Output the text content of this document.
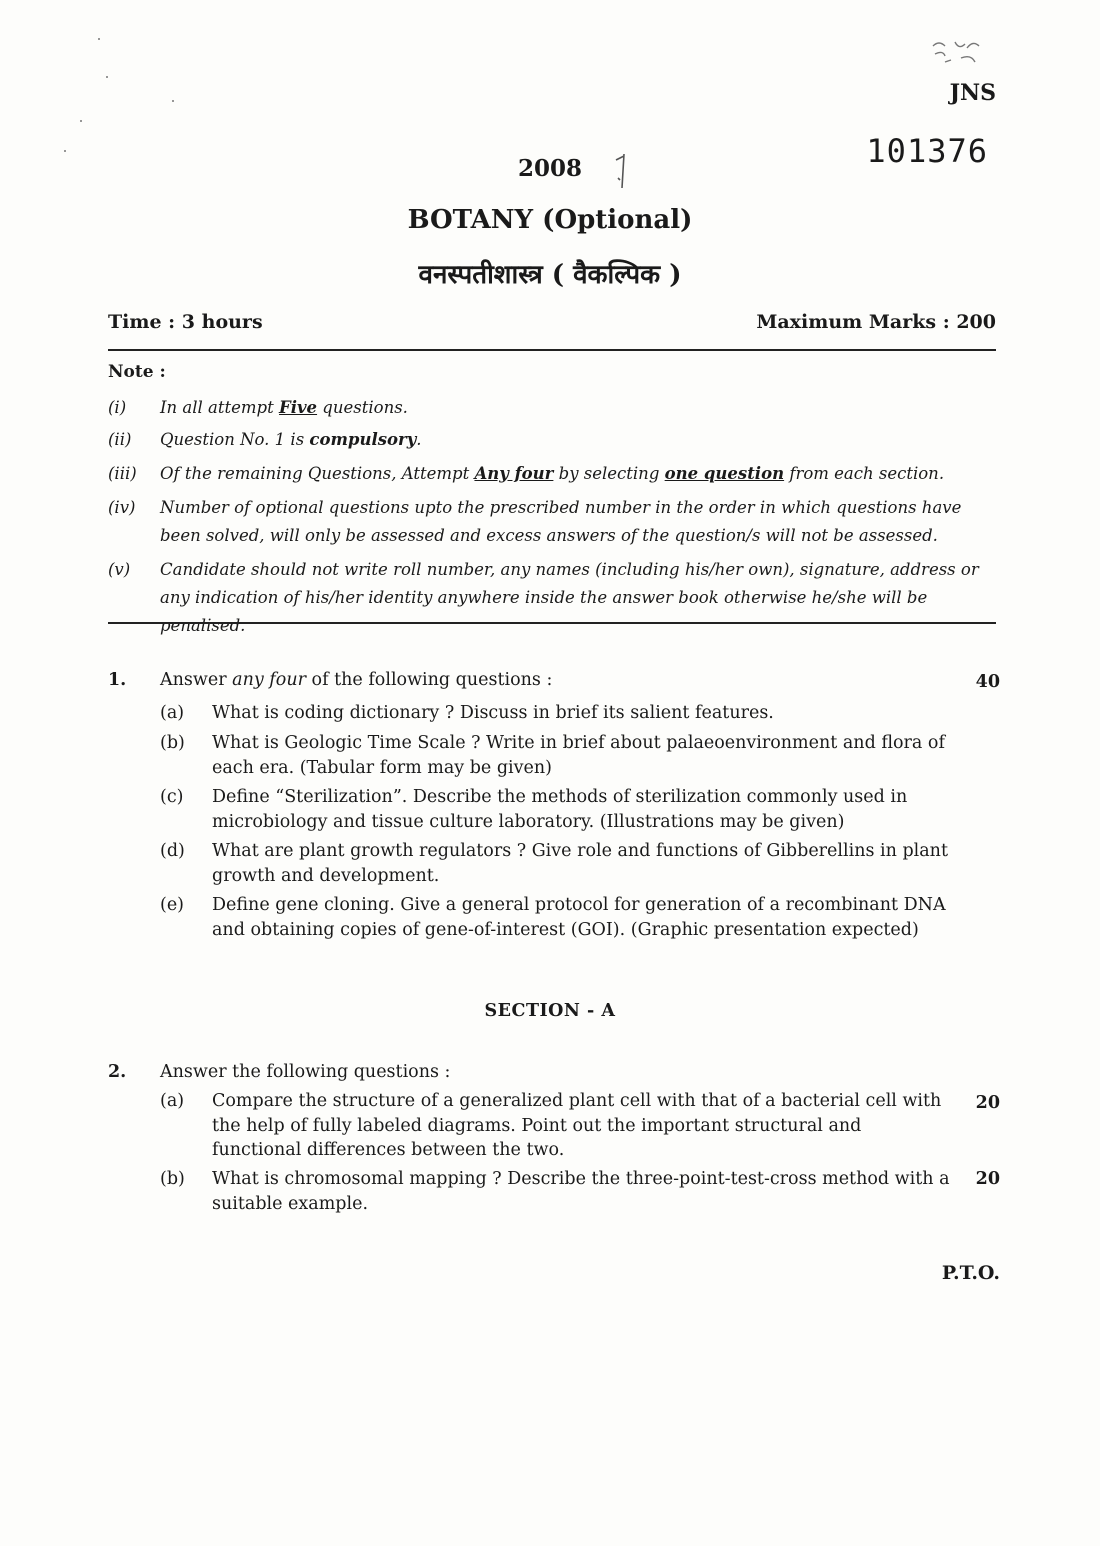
JNS
101376
2008
BOTANY (Optional)
वनस्पतीशास्त्र ( वैकल्पिक )
Time : 3 hours	Maximum Marks : 200
Note :
(i) In all attempt Five questions.
(ii) Question No. 1 is compulsory.
(iii) Of the remaining Questions, Attempt Any four by selecting one question from each section.
(iv) Number of optional questions upto the prescribed number in the order in which questions have been solved, will only be assessed and excess answers of the question/s will not be assessed.
(v) Candidate should not write roll number, any names (including his/her own), signature, address or any indication of his/her identity anywhere inside the answer book otherwise he/she will be penalised.
1. Answer any four of the following questions :	40
(a) What is coding dictionary ? Discuss in brief its salient features.
(b) What is Geologic Time Scale ? Write in brief about palaeoenvironment and flora of each era. (Tabular form may be given)
(c) Define “Sterilization”. Describe the methods of sterilization commonly used in microbiology and tissue culture laboratory. (Illustrations may be given)
(d) What are plant growth regulators ? Give role and functions of Gibberellins in plant growth and development.
(e) Define gene cloning. Give a general protocol for generation of a recombinant DNA and obtaining copies of gene-of-interest (GOI). (Graphic presentation expected)
SECTION - A
2. Answer the following questions :
(a) Compare the structure of a generalized plant cell with that of a bacterial cell with the help of fully labeled diagrams. Point out the important structural and functional differences between the two.
20
(b) What is chromosomal mapping ? Describe the three-point-test-cross method with a suitable example.
20
P.T.O.
